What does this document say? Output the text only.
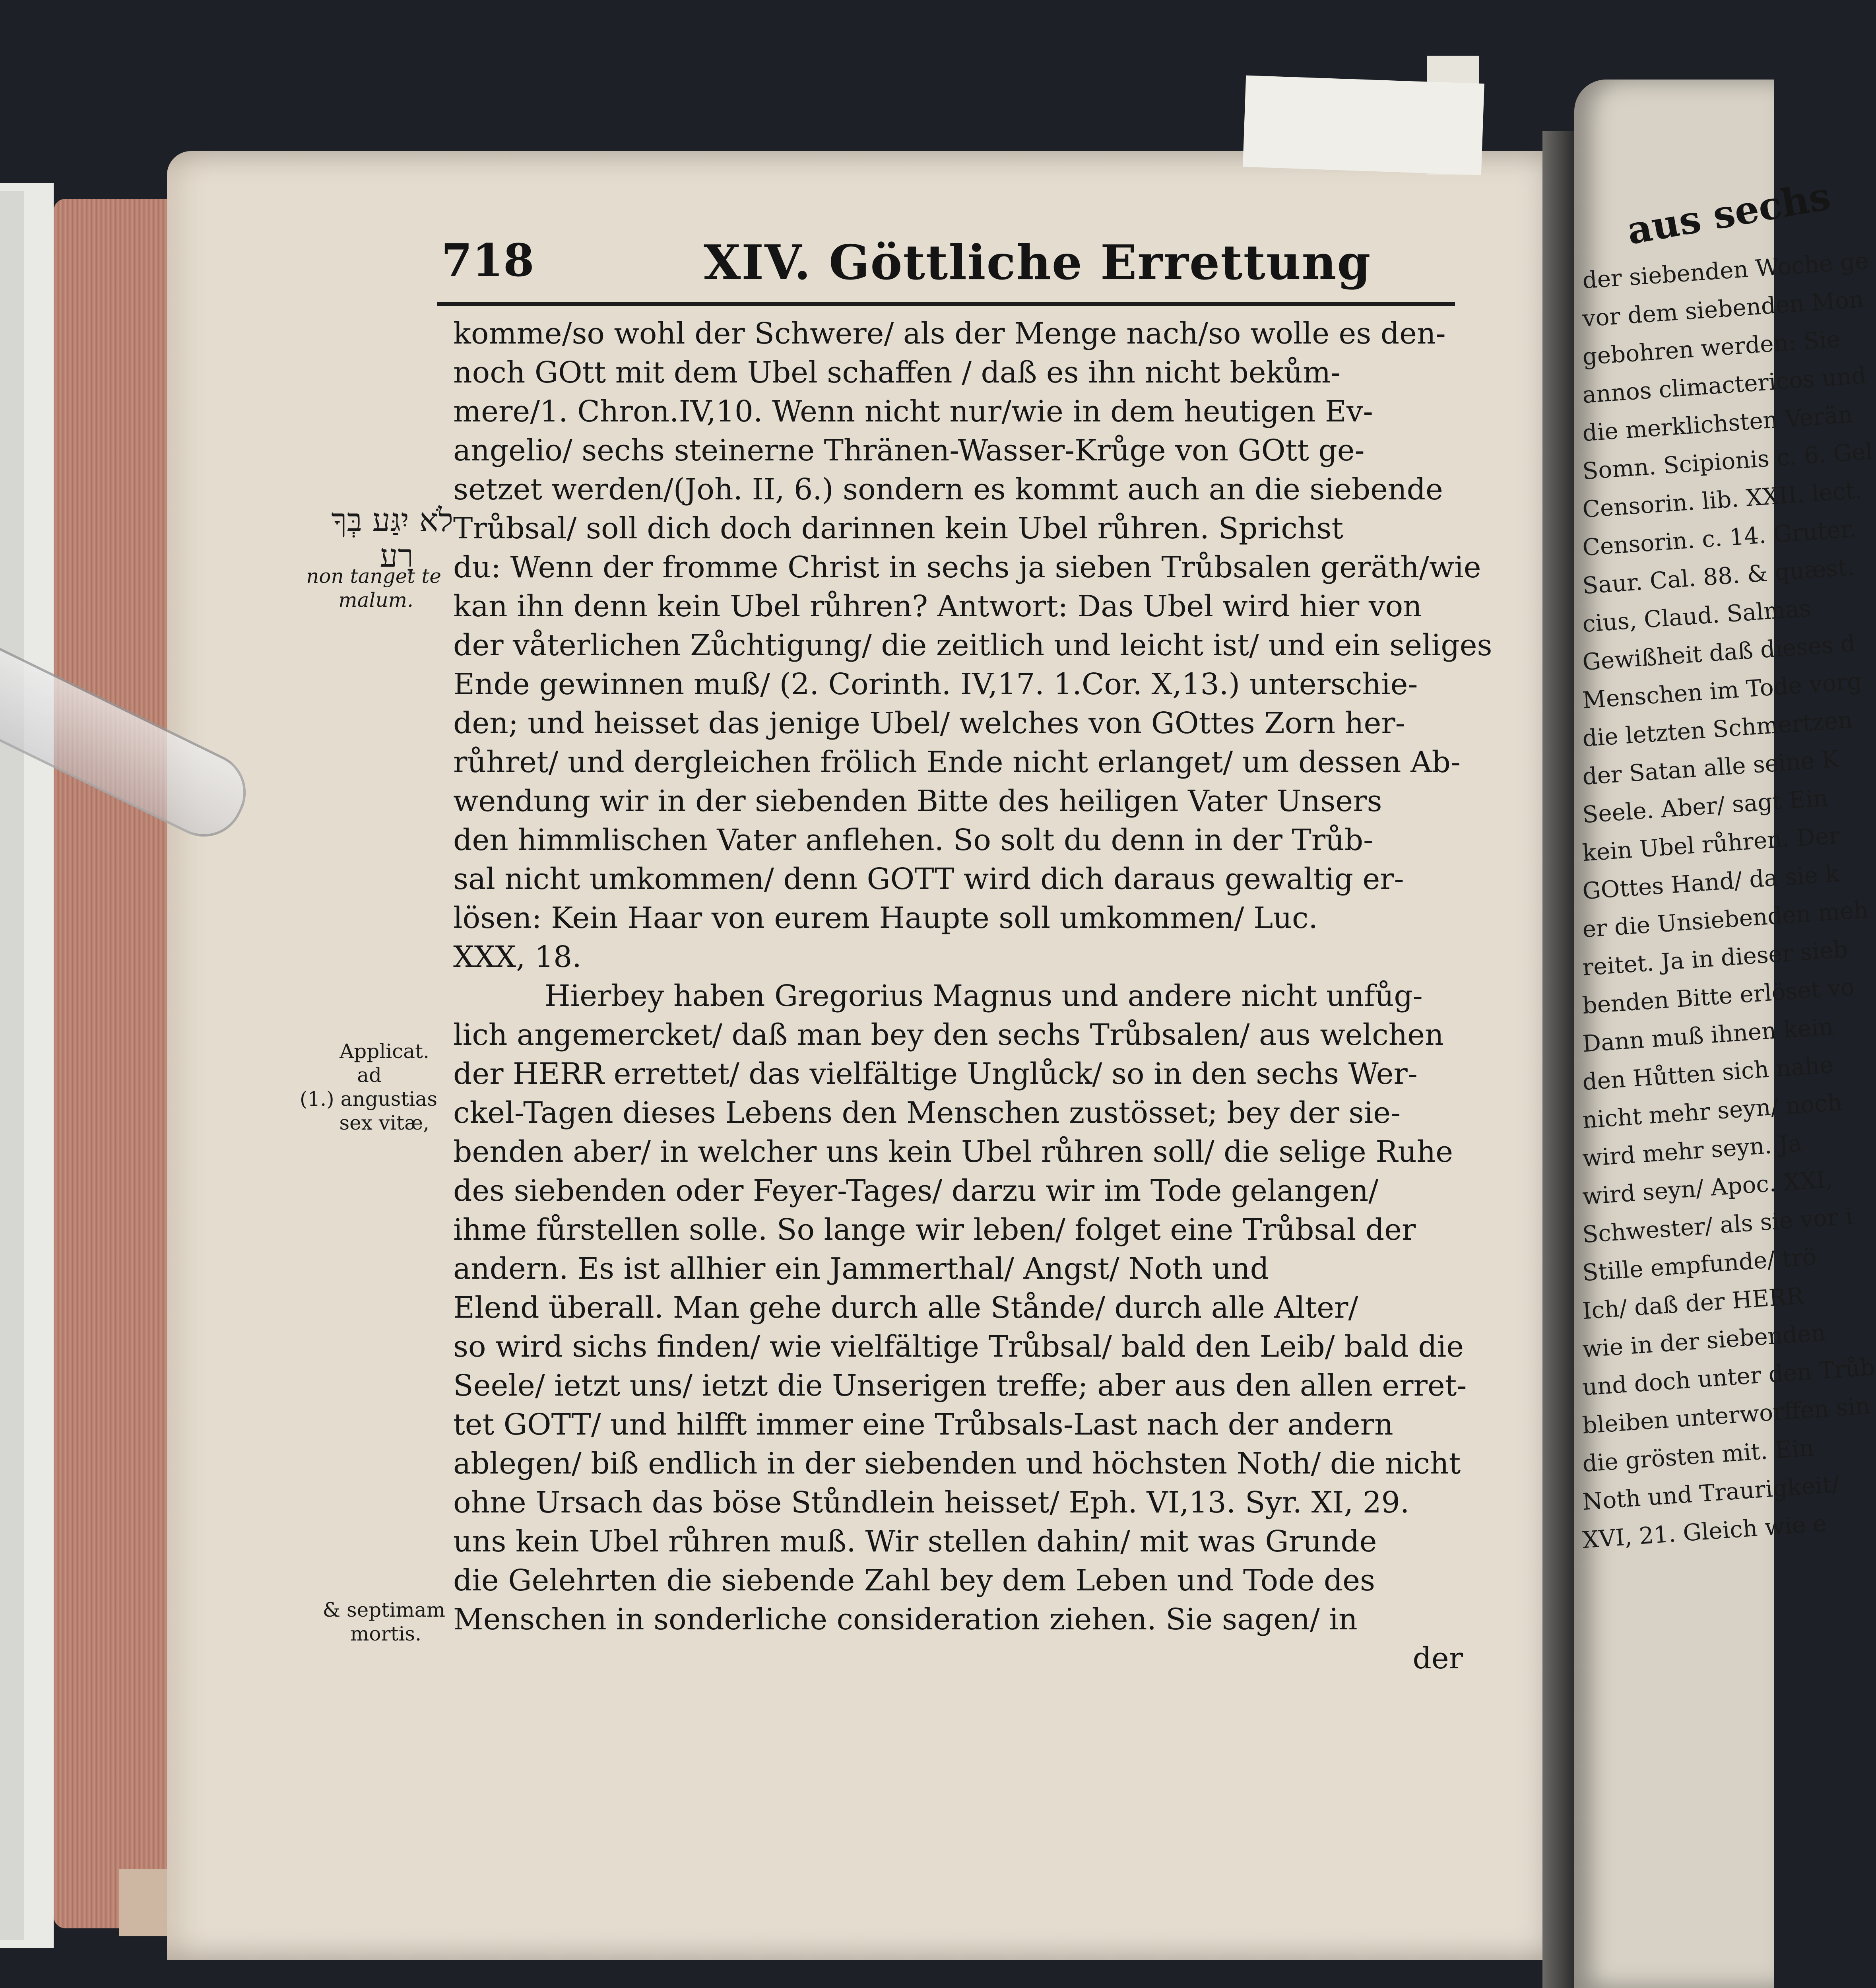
aus sechs
der siebenden Woche ge
vor dem siebenden Mon
gebohren werden: Sie
annos climactericos und
die merklichsten Verän
Somn. Scipionis c. 6. Gel
Censorin. lib. XXII. lect.
Censorin. c. 14. Gruter.
Saur. Cal. 88. & quæst.
cius, Claud. Salmas
Gewißheit daß dieses d
Menschen im Tode vorg
die letzten Schmertzen
der Satan alle seine K
Seele. Aber/ sagt Ein
kein Ubel růhren. Der
GOttes Hand/ da sie k
er die Unsiebenden meh
reitet. Ja in dieser sieb
benden Bitte erlöset vo
Dann muß ihnen kein
den Hůtten sich nahe
nicht mehr seyn/ noch
wird mehr seyn. Ja
wird seyn/ Apoc. XXI,
Schwester/ als sie vor i
Stille empfunde/ trö
Ich/ daß der HERR
wie in der siebenden
und doch unter den Trůb
bleiben unterworffen sin
die grösten mit. Ein
Noth und Traurigkeit/
XVI, 21. Gleich wie e
718	XIV. Göttliche Errettung
komme/so wohl der Schwere/ als der Menge nach/so wolle es den-
noch GOtt mit dem Ubel schaffen / daß es ihn nicht bekům-
mere/1. Chron.IV,10. Wenn nicht nur/wie in dem heutigen Ev-
angelio/ sechs steinerne Thränen-Wasser-Krůge von GOtt ge-
setzet werden/(Joh. II, 6.) sondern es kommt auch an die siebende
Trůbsal/ soll dich doch darinnen kein Ubel růhren. Sprichst
du: Wenn der fromme Christ in sechs ja sieben Trůbsalen geräth/wie
kan ihn denn kein Ubel růhren? Antwort: Das Ubel wird hier von
der våterlichen Zůchtigung/ die zeitlich und leicht ist/ und ein seliges
Ende gewinnen muß/ (2. Corinth. IV,17. 1.Cor. X,13.) unterschie-
den; und heisset das jenige Ubel/ welches von GOttes Zorn her-
růhret/ und dergleichen frölich Ende nicht erlanget/ um dessen Ab-
wendung wir in der siebenden Bitte des heiligen Vater Unsers
den himmlischen Vater anflehen. So solt du denn in der Trůb-
sal nicht umkommen/ denn GOTT wird dich daraus gewaltig er-
lösen: Kein Haar von eurem Haupte soll umkommen/ Luc.
XXX, 18.
Hierbey haben Gregorius Magnus und andere nicht unfůg-
lich angemercket/ daß man bey den sechs Trůbsalen/ aus welchen
der HERR errettet/ das vielfältige Unglůck/ so in den sechs Wer-
ckel-Tagen dieses Lebens den Menschen zustösset; bey der sie-
benden aber/ in welcher uns kein Ubel růhren soll/ die selige Ruhe
des siebenden oder Feyer-Tages/ darzu wir im Tode gelangen/
ihme fůrstellen solle. So lange wir leben/ folget eine Trůbsal der
andern. Es ist allhier ein Jammerthal/ Angst/ Noth und
Elend überall. Man gehe durch alle Stånde/ durch alle Alter/
so wird sichs finden/ wie vielfältige Trůbsal/ bald den Leib/ bald die
Seele/ ietzt uns/ ietzt die Unserigen treffe; aber aus den allen erret-
tet GOTT/ und hilfft immer eine Trůbsals-Last nach der andern
ablegen/ biß endlich in der siebenden und höchsten Noth/ die nicht
ohne Ursach das böse Stůndlein heisset/ Eph. VI,13. Syr. XI, 29.
uns kein Ubel růhren muß. Wir stellen dahin/ mit was Grunde
die Gelehrten die siebende Zahl bey dem Leben und Tode des
Menschen in sonderliche consideration ziehen. Sie sagen/ in
der
לֹא יִגַּע בְּךָ
רָע
non tanget te
malum.
Applicat.
ad
(1.) angustias
sex vitæ,
& septimam
mortis.
